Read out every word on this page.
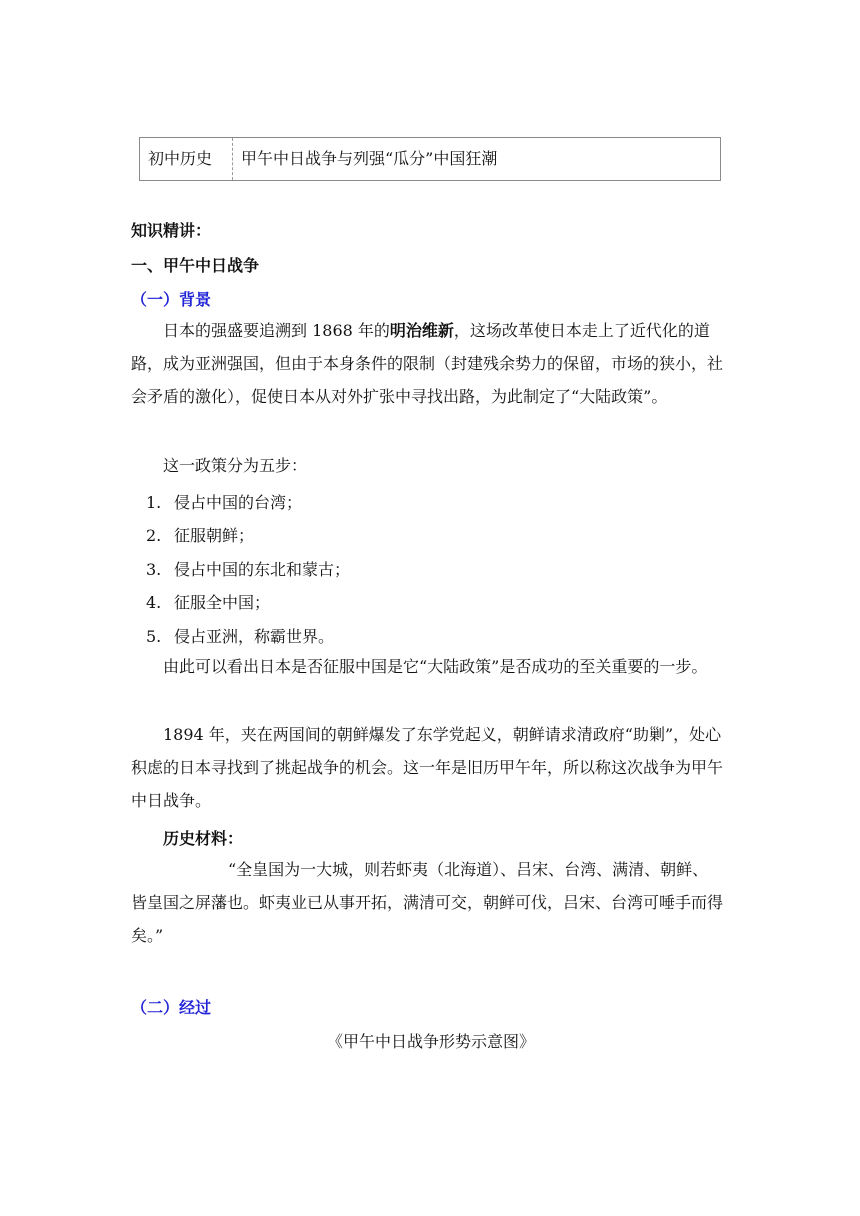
初中历史	甲午中日战争与列强“瓜分”中国狂潮
知识精讲：
一、甲午中日战争
（一）背景
日本的强盛要追溯到 1868 年的明治维新，这场改革使日本走上了近代化的道路，成为亚洲强国，但由于本身条件的限制（封建残余势力的保留，市场的狭小，社会矛盾的激化），促使日本从对外扩张中寻找出路，为此制定了“大陆政策”。
这一政策分为五步：
1. 侵占中国的台湾；
2. 征服朝鲜；
3. 侵占中国的东北和蒙古；
4. 征服全中国；
5. 侵占亚洲，称霸世界。
由此可以看出日本是否征服中国是它“大陆政策”是否成功的至关重要的一步。
1894 年，夹在两国间的朝鲜爆发了东学党起义，朝鲜请求清政府“助剿”，处心积虑的日本寻找到了挑起战争的机会。这一年是旧历甲午年，所以称这次战争为甲午中日战争。
历史材料：
“全皇国为一大城，则若虾夷（北海道）、吕宋、台湾、满清、朝鲜、
皆皇国之屏藩也。虾夷业已从事开拓，满清可交，朝鲜可伐，吕宋、台湾可唾手而得矣。”
（二）经过
《甲午中日战争形势示意图》
